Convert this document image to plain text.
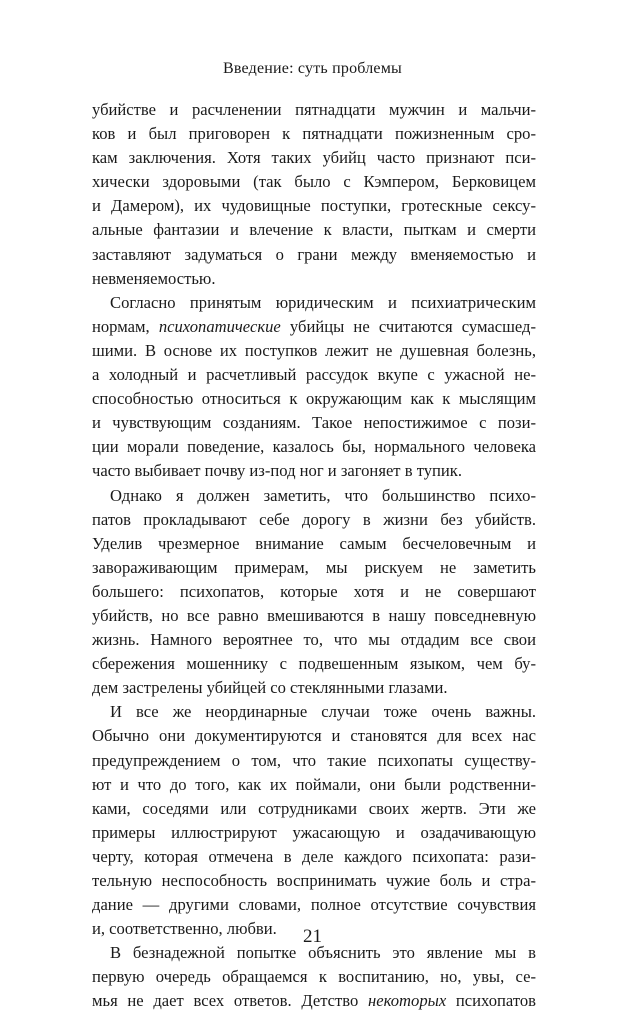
Введение: суть проблемы
убийстве и расчленении пятнадцати мужчин и мальчи-
ков и был приговорен к пятнадцати пожизненным сро-
кам заключения. Хотя таких убийц часто признают пси-
хически здоровыми (так было с Кэмпером, Берковицем
и Дамером), их чудовищные поступки, гротескные сексу-
альные фантазии и влечение к власти, пыткам и смерти
заставляют задуматься о грани между вменяемостью и
невменяемостью.
Согласно принятым юридическим и психиатрическим
нормам, психопатические убийцы не считаются сумасшед-
шими. В основе их поступков лежит не душевная болезнь,
а холодный и расчетливый рассудок вкупе с ужасной не-
способностью относиться к окружающим как к мыслящим
и чувствующим созданиям. Такое непостижимое с пози-
ции морали поведение, казалось бы, нормального человека
часто выбивает почву из-под ног и загоняет в тупик.
Однако я должен заметить, что большинство психо-
патов прокладывают себе дорогу в жизни без убийств.
Уделив чрезмерное внимание самым бесчеловечным и
завораживающим примерам, мы рискуем не заметить
большего: психопатов, которые хотя и не совершают
убийств, но все равно вмешиваются в нашу повседневную
жизнь. Намного вероятнее то, что мы отдадим все свои
сбережения мошеннику с подвешенным языком, чем бу-
дем застрелены убийцей со стеклянными глазами.
И все же неординарные случаи тоже очень важны.
Обычно они документируются и становятся для всех нас
предупреждением о том, что такие психопаты существу-
ют и что до того, как их поймали, они были родственни-
ками, соседями или сотрудниками своих жертв. Эти же
примеры иллюстрируют ужасающую и озадачивающую
черту, которая отмечена в деле каждого психопата: рази-
тельную неспособность воспринимать чужие боль и стра-
дание — другими словами, полное отсутствие сочувствия
и, соответственно, любви.
В безнадежной попытке объяснить это явление мы в
первую очередь обращаемся к воспитанию, но, увы, се-
мья не дает всех ответов. Детство некоторых психопатов
21
